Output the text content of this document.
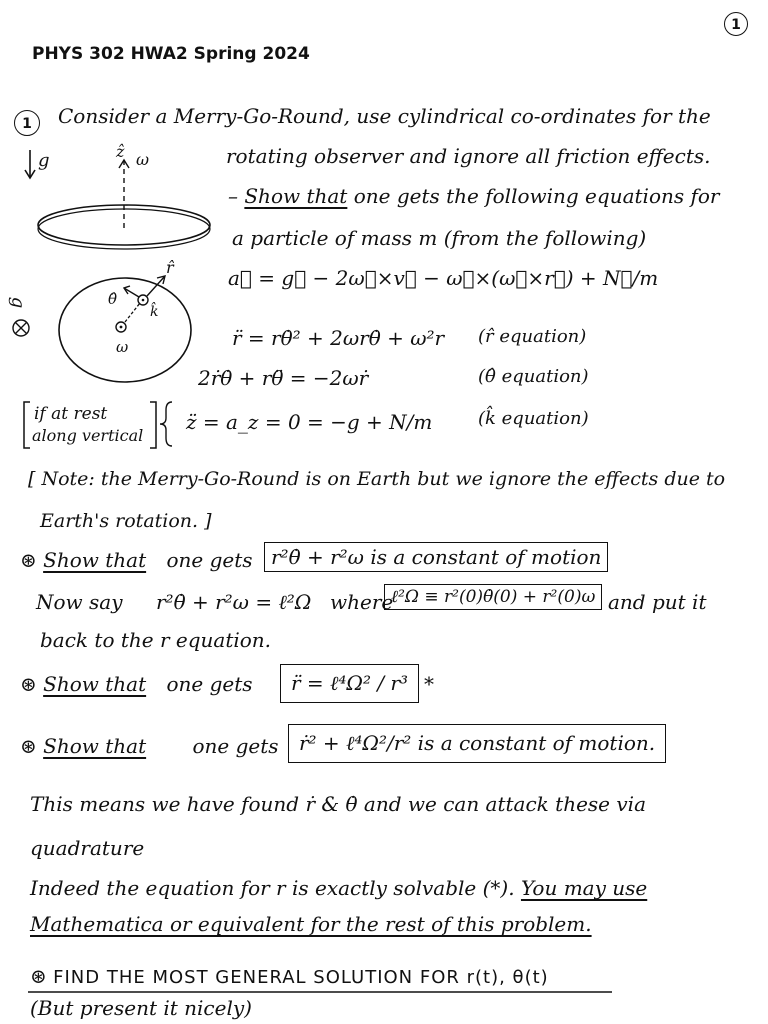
1
PHYS 302 HWA2 Spring 2024
1	Consider a Merry-Go-Round, use cylindrical co-ordinates for the
rotating observer and ignore all friction effects.
– Show that one gets the following equations for
a particle of mass m (from the following)
g	ẑ ω
g
r̂
θ̂
k̂
ω
a⃗ = g⃗ − 2ω⃗×v⃗ − ω⃗×(ω⃗×r⃗) + N⃗/m
r̈ = rθ̇² + 2ωrθ̇ + ω²r (r̂ equation)
2ṙθ̇ + rθ̈ = −2ωṙ	(θ̂ equation)
if at rest
along vertical
z̈ = a_z = 0 = −g + N/m	(k̂ equation)
[ Note: the Merry-Go-Round is on Earth but we ignore the effects due to
Earth's rotation. ]
⊛ Show that one gets r²θ̇ + r²ω is a constant of motion
Now say r²θ̇ + r²ω = ℓ²Ω where
ℓ²Ω ≡ r²(0)θ̇(0) + r²(0)ω and put it
back to the r equation.
⊛ Show that one gets	r̈ = ℓ⁴Ω² / r³ *
⊛ Show that one gets	ṙ² + ℓ⁴Ω²/r² is a constant of motion.
This means we have found ṙ & θ̇ and we can attack these via
quadrature
Indeed the equation for r is exactly solvable (*). You may use
Mathematica or equivalent for the rest of this problem.
⊛ FIND THE MOST GENERAL SOLUTION FOR r(t), θ(t)
(But present it nicely)
